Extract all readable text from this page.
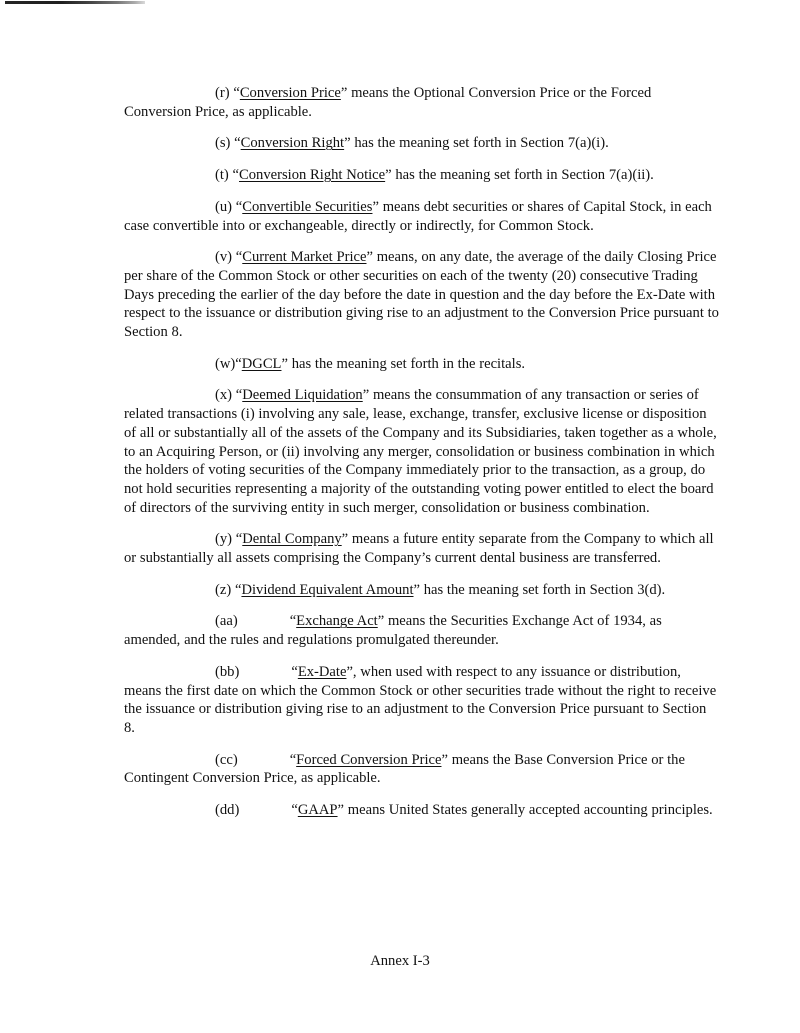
(r) “Conversion Price” means the Optional Conversion Price or the Forced Conversion Price, as applicable.

(s) “Conversion Right” has the meaning set forth in Section 7(a)(i).

(t) “Conversion Right Notice” has the meaning set forth in Section 7(a)(ii).

(u) “Convertible Securities” means debt securities or shares of Capital Stock, in each case convertible into or exchangeable, directly or indirectly, for Common Stock.

(v) “Current Market Price” means, on any date, the average of the daily Closing Price per share of the Common Stock or other securities on each of the twenty (20) consecutive Trading Days preceding the earlier of the day before the date in question and the day before the Ex-Date with respect to the issuance or distribution giving rise to an adjustment to the Conversion Price pursuant to Section 8.

(w)“DGCL” has the meaning set forth in the recitals.

(x) “Deemed Liquidation” means the consummation of any transaction or series of related transactions (i) involving any sale, lease, exchange, transfer, exclusive license or disposition of all or substantially all of the assets of the Company and its Subsidiaries, taken together as a whole, to an Acquiring Person, or (ii) involving any merger, consolidation or business combination in which the holders of voting securities of the Company immediately prior to the transaction, as a group, do not hold securities representing a majority of the outstanding voting power entitled to elect the board of directors of the surviving entity in such merger, consolidation or business combination.

(y) “Dental Company” means a future entity separate from the Company to which all or substantially all assets comprising the Company’s current dental business are transferred.

(z) “Dividend Equivalent Amount” has the meaning set forth in Section 3(d).

(aa)	“Exchange Act” means the Securities Exchange Act of 1934, as amended, and the rules and regulations promulgated thereunder.

(bb)	“Ex-Date”, when used with respect to any issuance or distribution, means the first date on which the Common Stock or other securities trade without the right to receive the issuance or distribution giving rise to an adjustment to the Conversion Price pursuant to Section 8.

(cc)	“Forced Conversion Price” means the Base Conversion Price or the Contingent Conversion Price, as applicable.

(dd)	“GAAP” means United States generally accepted accounting principles.

Annex I-3
